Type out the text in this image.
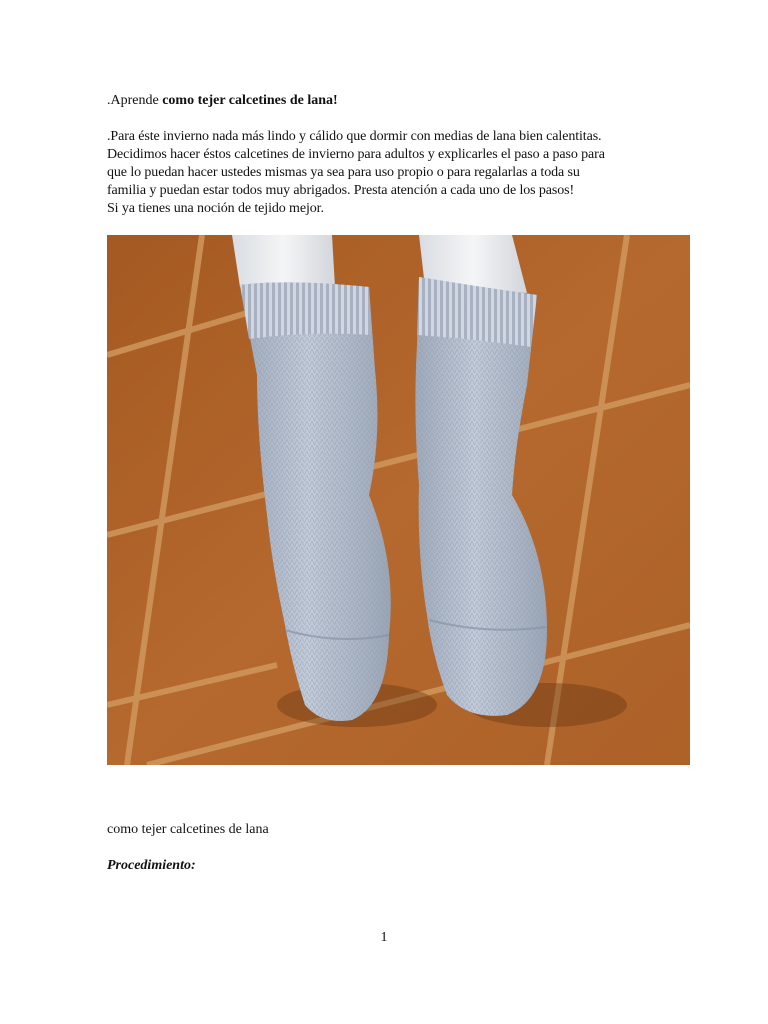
.Aprende como tejer calcetines de lana!
.Para éste invierno nada más lindo y cálido que dormir con medias de lana bien calentitas.
Decidimos hacer éstos calcetines de invierno para adultos y explicarles el paso a paso para
que lo puedan hacer ustedes mismas ya sea para uso propio o para regalarlas a toda su
familia y puedan estar todos muy abrigados. Presta atención a cada uno de los pasos!
Si ya tienes una noción de tejido mejor.
como tejer calcetines de lana
Procedimiento:
1
